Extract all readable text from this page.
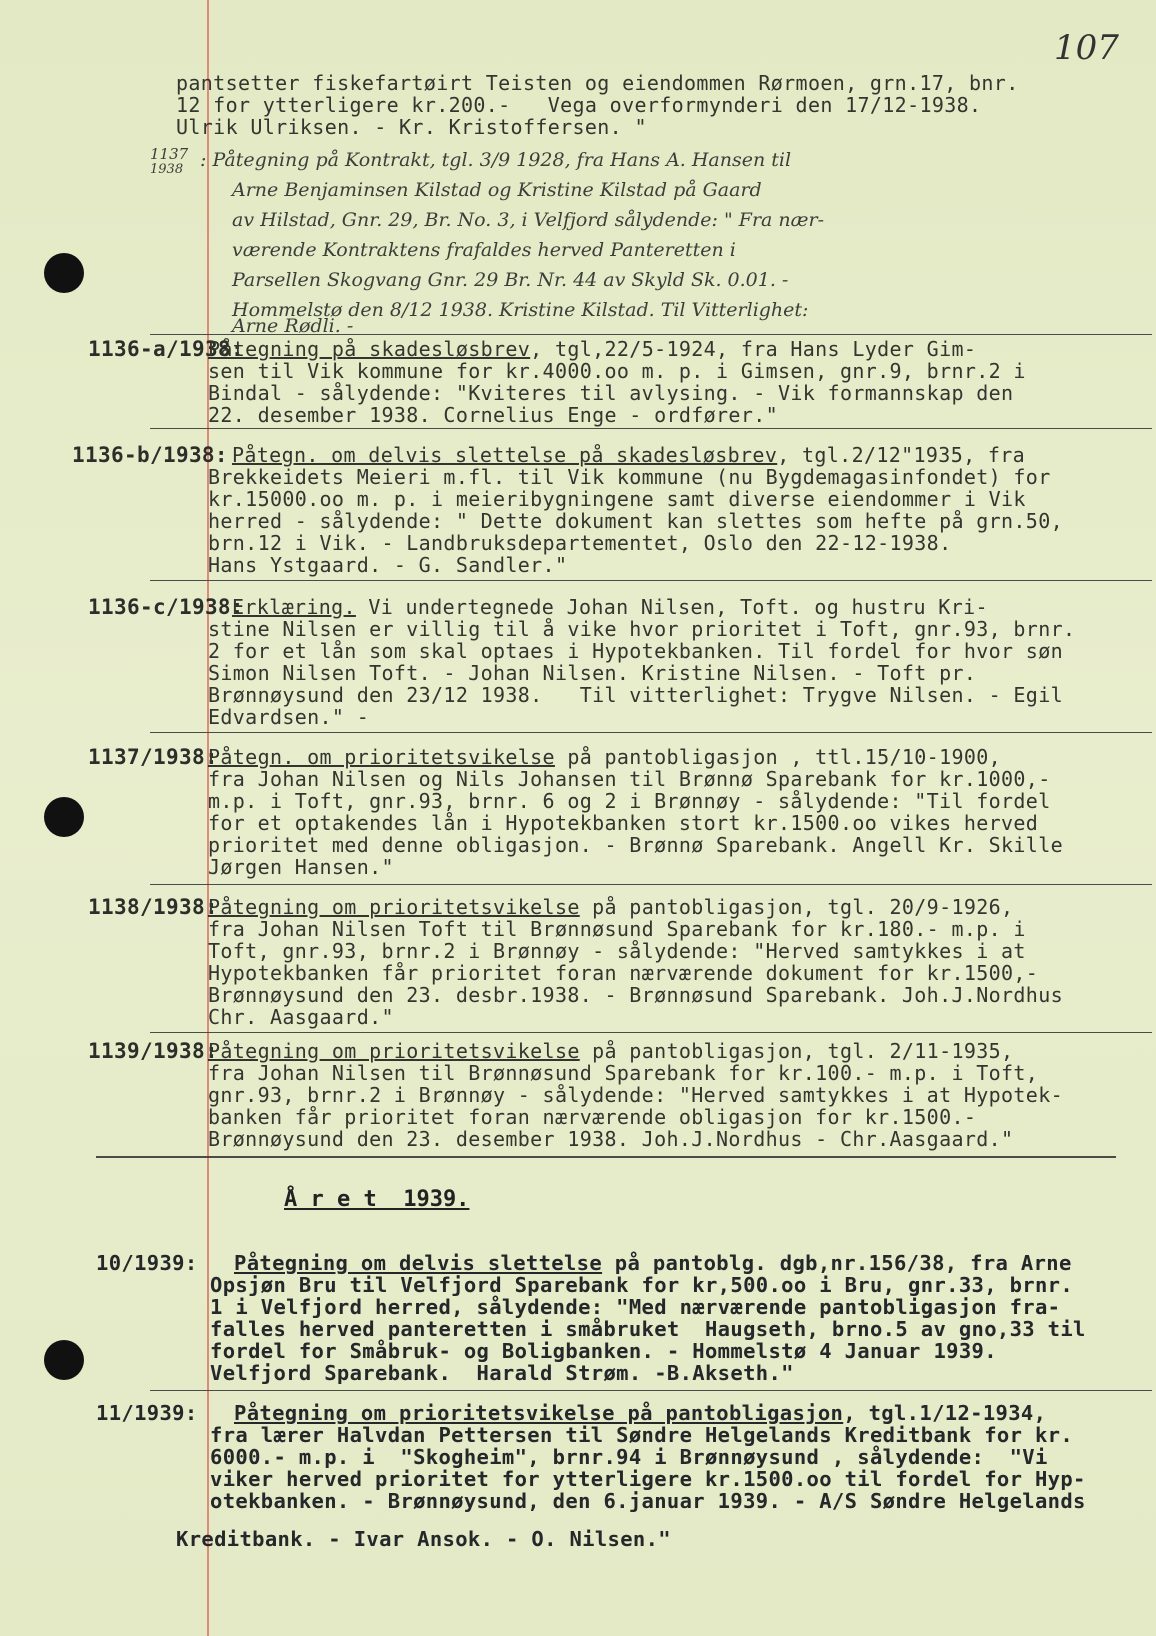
107
pantsetter fiskefartøirt Teisten og eiendommen Rørmoen, grn.17, bnr.
12 for ytterligere kr.200.-   Vega overformynderi den 17/12-1938.
Ulrik Ulriksen. - Kr. Kristoffersen. "
1137
1938 : Påtegning på Kontrakt, tgl. 3/9 1928, fra Hans A. Hansen til
Arne Benjaminsen Kilstad og Kristine Kilstad på Gaard
av Hilstad, Gnr. 29, Br. No. 3, i Velfjord sålydende: " Fra nær-
værende Kontraktens frafaldes herved Panteretten i
Parsellen Skogvang Gnr. 29 Br. Nr. 44 av Skyld Sk. 0.01. -
Hommelstø den 8/12 1938. Kristine Kilstad. Til Vitterlighet:
Arne Rødli. -
1136-a/1938:
Påtegning på skadesløsbrev, tgl,22/5-1924, fra Hans Lyder Gim-
sen til Vik kommune for kr.4000.oo m. p. i Gimsen, gnr.9, brnr.2 i
Bindal - sålydende: "Kviteres til avlysing. - Vik formannskap den
22. desember 1938. Cornelius Enge - ordfører."
1136-b/1938: Påtegn. om delvis slettelse på skadesløsbrev, tgl.2/12"1935, fra
Brekkeidets Meieri m.fl. til Vik kommune (nu Bygdemagasinfondet) for
kr.15000.oo m. p. i meieribygningene samt diverse eiendommer i Vik
herred - sålydende: " Dette dokument kan slettes som hefte på grn.50,
brn.12 i Vik. - Landbruksdepartementet, Oslo den 22-12-1938.
Hans Ystgaard. - G. Sandler."
1136-c/1938:
Erklæring. Vi undertegnede Johan Nilsen, Toft. og hustru Kri-
stine Nilsen er villig til å vike hvor prioritet i Toft, gnr.93, brnr.
2 for et lån som skal optaes i Hypotekbanken. Til fordel for hvor søn
Simon Nilsen Toft. - Johan Nilsen. Kristine Nilsen. - Toft pr.
Brønnøysund den 23/12 1938.   Til vitterlighet: Trygve Nilsen. - Egil
Edvardsen." -
1137/1938:
Påtegn. om prioritetsvikelse på pantobligasjon , ttl.15/10-1900,
fra Johan Nilsen og Nils Johansen til Brønnø Sparebank for kr.1000,-
m.p. i Toft, gnr.93, brnr. 6 og 2 i Brønnøy - sålydende: "Til fordel
for et optakendes lån i Hypotekbanken stort kr.1500.oo vikes herved
prioritet med denne obligasjon. - Brønnø Sparebank. Angell Kr. Skille
Jørgen Hansen."
1138/1938:
Påtegning om prioritetsvikelse på pantobligasjon, tgl. 20/9-1926,
fra Johan Nilsen Toft til Brønnøsund Sparebank for kr.180.- m.p. i
Toft, gnr.93, brnr.2 i Brønnøy - sålydende: "Herved samtykkes i at
Hypotekbanken får prioritet foran nærværende dokument for kr.1500,-
Brønnøysund den 23. desbr.1938. - Brønnøsund Sparebank. Joh.J.Nordhus
Chr. Aasgaard."
1139/1938:
Påtegning om prioritetsvikelse på pantobligasjon, tgl. 2/11-1935,
fra Johan Nilsen til Brønnøsund Sparebank for kr.100.- m.p. i Toft,
gnr.93, brnr.2 i Brønnøy - sålydende: "Herved samtykkes i at Hypotek-
banken får prioritet foran nærværende obligasjon for kr.1500.-
Brønnøysund den 23. desember 1938. Joh.J.Nordhus - Chr.Aasgaard."
Å r e t  1939.
10/1939: Påtegning om delvis slettelse på pantoblg. dgb,nr.156/38, fra Arne
Opsjøn Bru til Velfjord Sparebank for kr,500.oo i Bru, gnr.33, brnr.
1 i Velfjord herred, sålydende: "Med nærværende pantobligasjon fra-
falles herved panteretten i småbruket  Haugseth, brno.5 av gno,33 til
fordel for Småbruk- og Boligbanken. - Hommelstø 4 Januar 1939.
Velfjord Sparebank.  Harald Strøm. -B.Akseth."
11/1939: Påtegning om prioritetsvikelse på pantobligasjon, tgl.1/12-1934,
fra lærer Halvdan Pettersen til Søndre Helgelands Kreditbank for kr.
6000.- m.p. i  "Skogheim", brnr.94 i Brønnøysund , sålydende:  "Vi
viker herved prioritet for ytterligere kr.1500.oo til fordel for Hyp-
otekbanken. - Brønnøysund, den 6.januar 1939. - A/S Søndre Helgelands
Kreditbank. - Ivar Ansok. - O. Nilsen."
